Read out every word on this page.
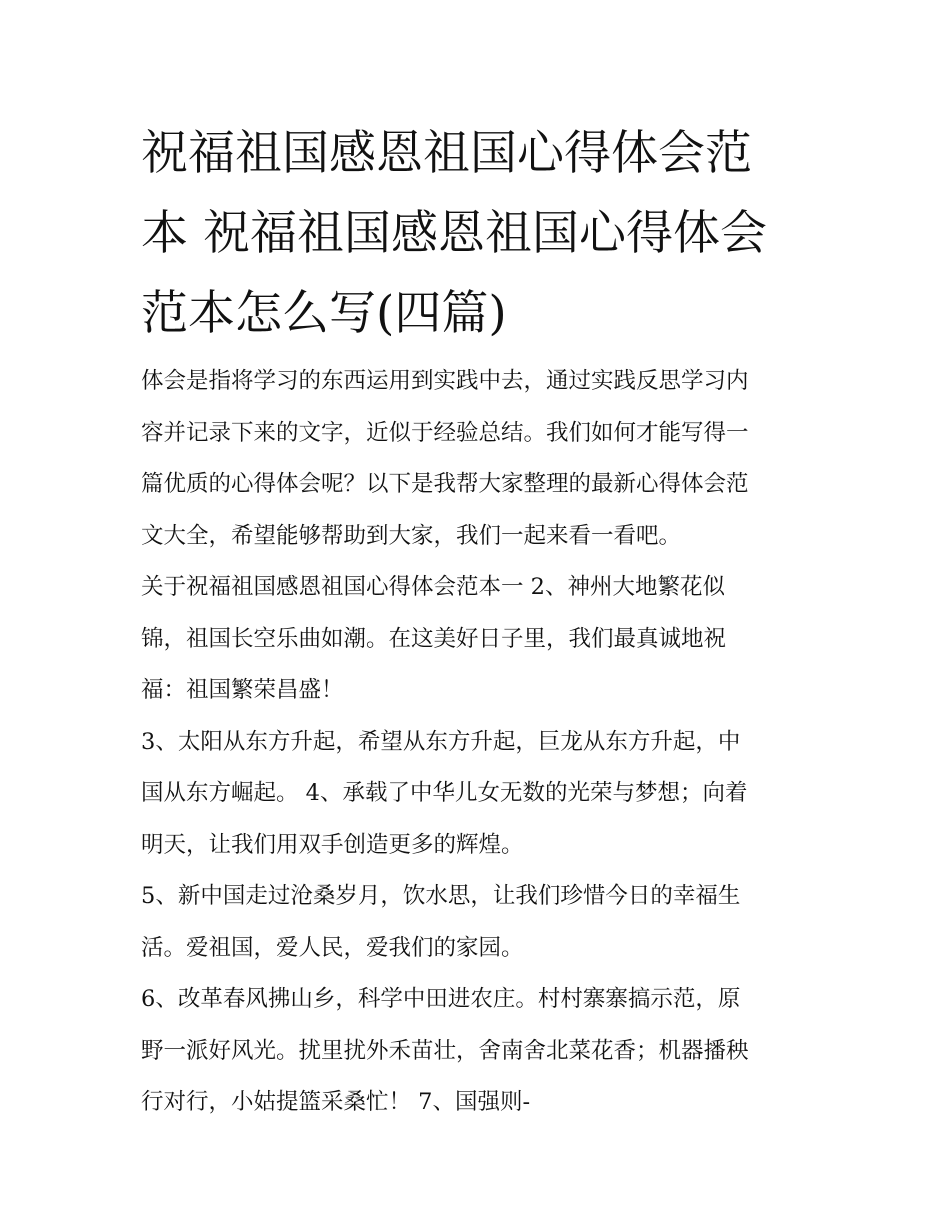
祝福祖国感恩祖国心得体会范
本 祝福祖国感恩祖国心得体会
范本怎么写(四篇)

体会是指将学习的东西运用到实践中去，通过实践反思学习内
容并记录下来的文字，近似于经验总结。我们如何才能写得一
篇优质的心得体会呢？以下是我帮大家整理的最新心得体会范
文大全，希望能够帮助到大家，我们一起来看一看吧。

关于祝福祖国感恩祖国心得体会范本一 2、神州大地繁花似
锦，祖国长空乐曲如潮。在这美好日子里，我们最真诚地祝
福：祖国繁荣昌盛！

3、太阳从东方升起，希望从东方升起，巨龙从东方升起，中
国从东方崛起。 4、承载了中华儿女无数的光荣与梦想；向着
明天，让我们用双手创造更多的辉煌。

5、新中国走过沧桑岁月，饮水思，让我们珍惜今日的幸福生
活。爱祖国，爱人民，爱我们的家园。

6、改革春风拂山乡，科学中田进农庄。村村寨寨搞示范，原
野一派好风光。扰里扰外禾苗壮，舍南舍北菜花香；机器播秧
行对行，小姑提篮采桑忙！ 7、国强则-
